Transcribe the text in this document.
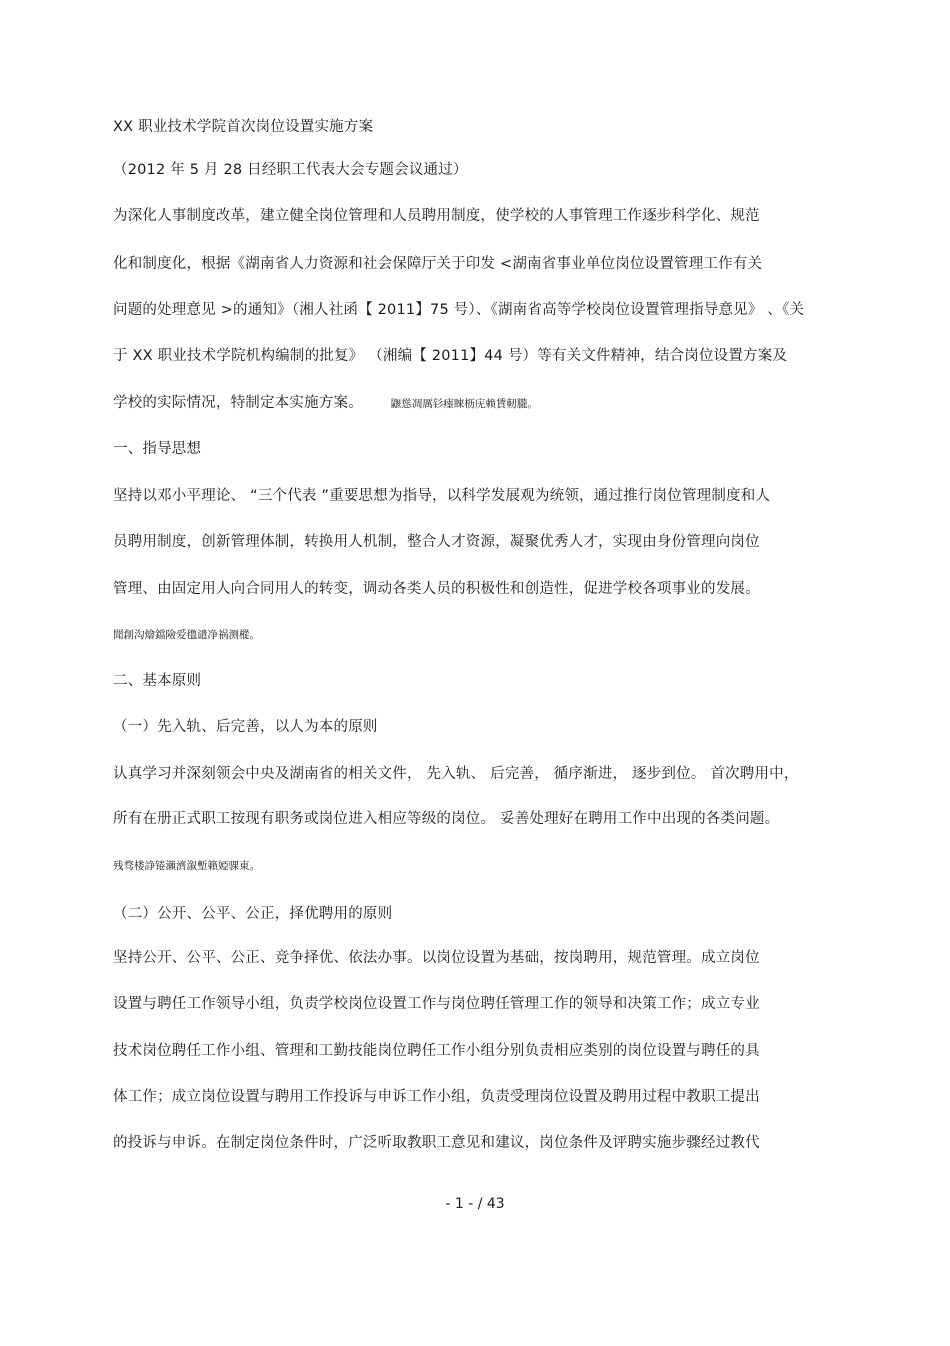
XX 职业技术学院首次岗位设置实施方案
（2012 年 5 月 28 日经职工代表大会专题会议通过）
为深化人事制度改革，建立健全岗位管理和人员聘用制度，使学校的人事管理工作逐步科学化、规范
化和制度化，根据《湖南省人力资源和社会保障厅关于印发 <湖南省事业单位岗位设置管理工作有关
问题的处理意见 >的通知》（湘人社函【 2011】75 号）、《湖南省高等学校岗位设置管理指导意见》 、《关
于 XX 职业技术学院机构编制的批复》 （湘编【 2011】44 号）等有关文件精神，结合岗位设置方案及
学校的实际情况，特制定本实施方案。	鼴慫凋厲钐瘗睞枥庑赖賃軔朧。
一、指导思想
坚持以邓小平理论、 “三个代表 ”重要思想为指导，以科学发展观为统领，通过推行岗位管理制度和人
员聘用制度，创新管理体制，转换用人机制，整合人才资源，凝聚优秀人才，实现由身份管理向岗位
管理、由固定用人向合同用人的转变，调动各类人员的积极性和创造性，促进学校各项事业的发展。
聞創沟燴鐺險爱氇谴净祸测樅。
二、基本原则
（一）先入轨、后完善，以人为本的原则
认真学习并深刻领会中央及湖南省的相关文件， 先入轨、 后完善， 循序渐进， 逐步到位。 首次聘用中，
所有在册正式职工按现有职务或岗位进入相应等级的岗位。 妥善处理好在聘用工作中出现的各类问题。
残骛楼諍锩瀨濟溆塹籟婭骒東。
（二）公开、公平、公正，择优聘用的原则
坚持公开、公平、公正、竞争择优、依法办事。以岗位设置为基础，按岗聘用，规范管理。成立岗位
设置与聘任工作领导小组，负责学校岗位设置工作与岗位聘任管理工作的领导和决策工作；成立专业
技术岗位聘任工作小组、管理和工勤技能岗位聘任工作小组分别负责相应类别的岗位设置与聘任的具
体工作；成立岗位设置与聘用工作投诉与申诉工作小组，负责受理岗位设置及聘用过程中教职工提出
的投诉与申诉。在制定岗位条件时，广泛听取教职工意见和建议，岗位条件及评聘实施步骤经过教代
- 1 - / 43
